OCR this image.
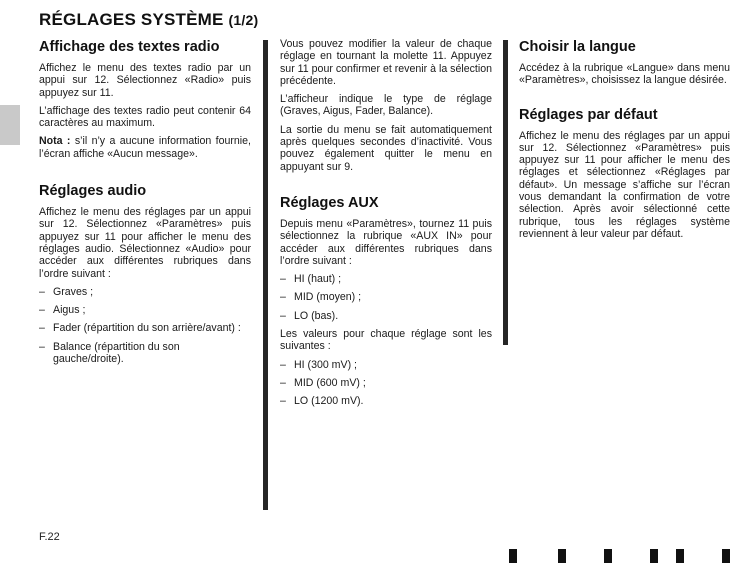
RÉGLAGES SYSTÈME (1/2)
Affichage des textes radio

Affichez le menu des textes radio par un appui sur 12. Sélectionnez «Radio» puis appuyez sur 11.

L’affichage des textes radio peut contenir 64 caractères au maximum.

Nota : s’il n’y a aucune information fournie, l’écran affiche «Aucun message».

Réglages audio

Affichez le menu des réglages par un appui sur 12. Sélectionnez «Paramètres» puis appuyez sur 11 pour afficher le menu des réglages audio. Sélectionnez «Audio» pour accéder aux différentes rubriques dans l’ordre suivant :

– Graves ;
– Aigus ;
– Fader (répartition du son arrière/avant) :
– Balance (répartition du son gauche/droite).

Vous pouvez modifier la valeur de chaque réglage en tournant la molette 11. Appuyez sur 11 pour confirmer et revenir à la sélection précédente.

L’afficheur indique le type de réglage (Graves, Aigus, Fader, Balance).

La sortie du menu se fait automatiquement après quelques secondes d’inactivité. Vous pouvez également quitter le menu en appuyant sur 9.

Réglages AUX

Depuis menu «Paramètres», tournez 11 puis sélectionnez la rubrique «AUX IN» pour accéder aux différentes rubriques dans l’ordre suivant :

– HI (haut) ;
– MID (moyen) ;
– LO (bas).

Les valeurs pour chaque réglage sont les suivantes :

– HI (300 mV) ;
– MID (600 mV) ;
– LO (1200 mV).
Choisir la langue

Accédez à la rubrique «Langue» dans menu «Paramètres», choisissez la langue désirée.

Réglages par défaut

Affichez le menu des réglages par un appui sur 12. Sélectionnez «Paramètres» puis appuyez sur 11 pour afficher le menu des réglages et sélectionnez «Réglages par défaut». Un message s’affiche sur l’écran vous demandant la confirmation de votre sélection. Après avoir sélectionné cette rubrique, tous les réglages système reviennent à leur valeur par défaut.

F.22
